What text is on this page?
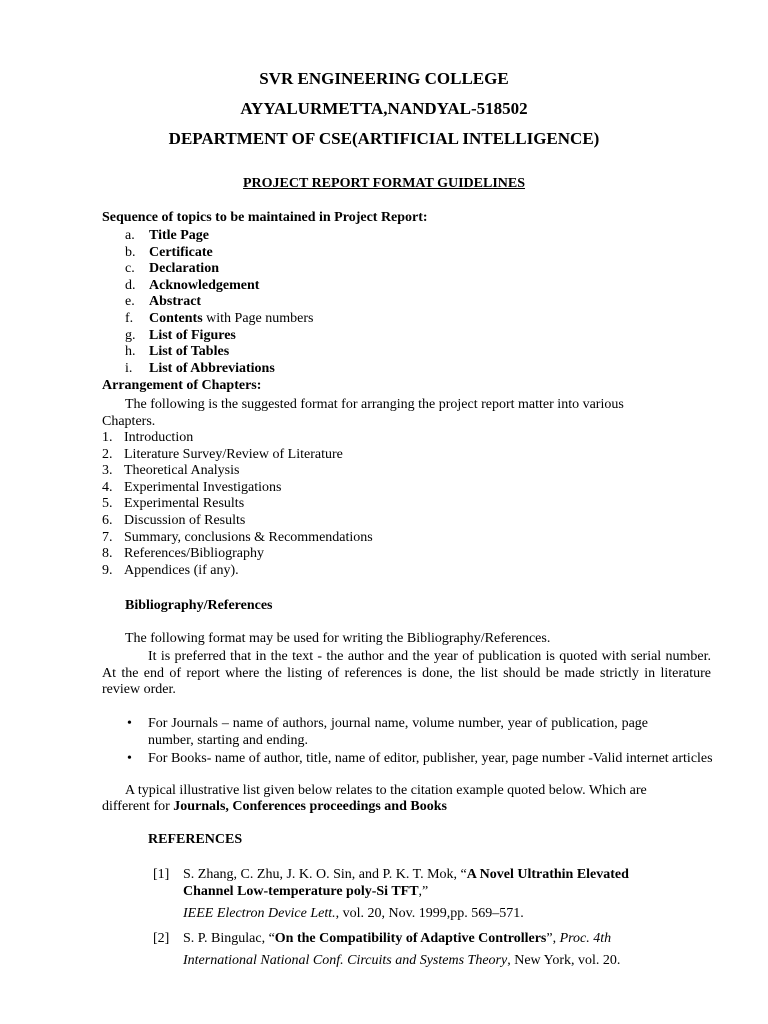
SVR ENGINEERING COLLEGE
AYYALURMETTA,NANDYAL-518502
DEPARTMENT OF CSE(ARTIFICIAL INTELLIGENCE)
PROJECT REPORT FORMAT GUIDELINES
Sequence of topics to be maintained in Project Report:
a. Title Page
b. Certificate
c. Declaration
d. Acknowledgement
e. Abstract
f. Contents with Page numbers
g. List of Figures
h. List of Tables
i. List of Abbreviations
Arrangement of Chapters:
The following is the suggested format for arranging the project report matter into various
Chapters.
1. Introduction
2. Literature Survey/Review of Literature
3. Theoretical Analysis
4. Experimental Investigations
5. Experimental Results
6. Discussion of Results
7. Summary, conclusions & Recommendations
8. References/Bibliography
9. Appendices (if any).
Bibliography/References
The following format may be used for writing the Bibliography/References.
It is preferred that in the text - the author and the year of publication is quoted with serial number. At the end of report where the listing of references is done, the list should be made strictly in literature review order.
• For Journals – name of authors, journal name, volume number, year of publication, page number, starting and ending.
• For Books- name of author, title, name of editor, publisher, year, page number -Valid internet articles
A typical illustrative list given below relates to the citation example quoted below. Which are
different for Journals, Conferences proceedings and Books
REFERENCES
[1] S. Zhang, C. Zhu, J. K. O. Sin, and P. K. T. Mok, “A Novel Ultrathin Elevated
Channel Low-temperature poly-Si TFT,”
IEEE Electron Device Lett., vol. 20, Nov. 1999,pp. 569–571.
[2] S. P. Bingulac, “On the Compatibility of Adaptive Controllers”, Proc. 4th
International National Conf. Circuits and Systems Theory, New York, vol. 20.
